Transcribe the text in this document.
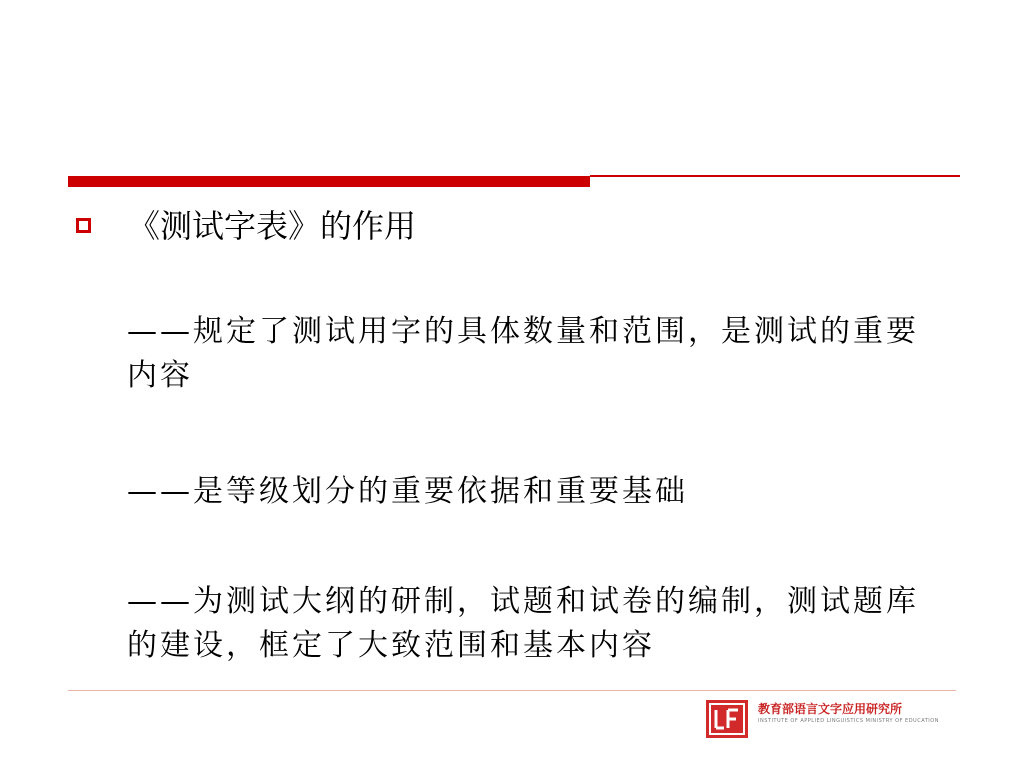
《测试字表》的作用
——规定了测试用字的具体数量和范围，是测试的重要内容
——是等级划分的重要依据和重要基础
——为测试大纲的研制，试题和试卷的编制，测试题库的建设，框定了大致范围和基本内容
教育部语言文字应用研究所
INSTITUTE OF APPLIED LINGUISTICS MINISTRY OF EDUCATION
